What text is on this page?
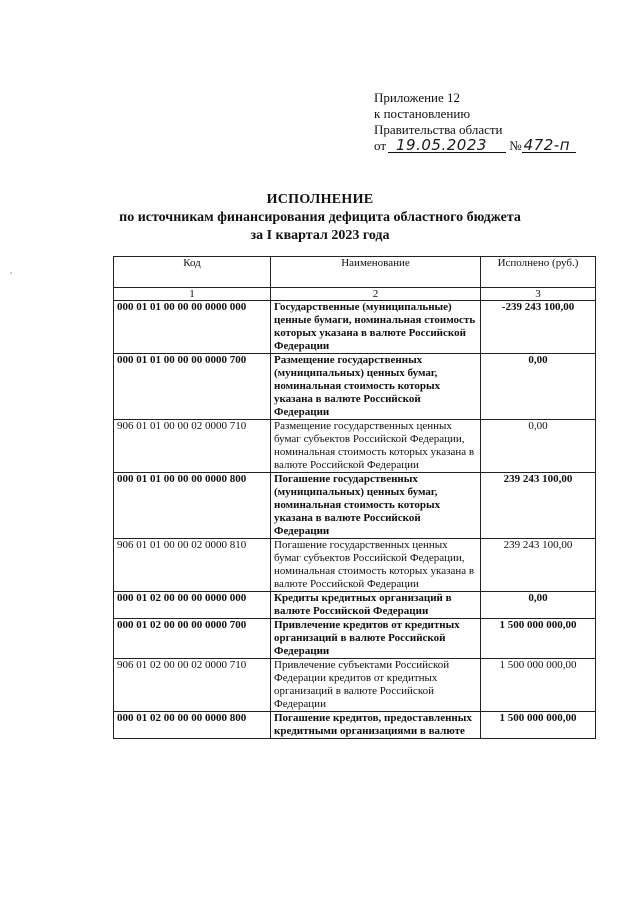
Приложение 12
к постановлению
Правительства области
от 19.05.2023 № 472-п
ИСПОЛНЕНИЕ
по источникам финансирования дефицита областного бюджета
за I квартал 2023 года
Код	Наименование	Исполнено (руб.)
1	2	3
000 01 01 00 00 00 0000 000	Государственные (муниципальные) ценные бумаги, номинальная стоимость которых указана в валюте Российской Федерации	-239 243 100,00
000 01 01 00 00 00 0000 700	Размещение государственных (муниципальных) ценных бумаг, номинальная стоимость которых указана в валюте Российской Федерации	0,00
906 01 01 00 00 02 0000 710	Размещение государственных ценных бумаг субъектов Российской Федерации, номинальная стоимость которых указана в валюте Российской Федерации	0,00
000 01 01 00 00 00 0000 800	Погашение государственных (муниципальных) ценных бумаг, номинальная стоимость которых указана в валюте Российской Федерации	239 243 100,00
906 01 01 00 00 02 0000 810	Погашение государственных ценных бумаг субъектов Российской Федерации, номинальная стоимость которых указана в валюте Российской Федерации	239 243 100,00
000 01 02 00 00 00 0000 000	Кредиты кредитных организаций в валюте Российской Федерации	0,00
000 01 02 00 00 00 0000 700	Привлечение кредитов от кредитных организаций в валюте Российской Федерации	1 500 000 000,00
906 01 02 00 00 02 0000 710	Привлечение субъектами Российской Федерации кредитов от кредитных организаций в валюте Российской Федерации	1 500 000 000,00
000 01 02 00 00 00 0000 800	Погашение кредитов, предоставленных кредитными организациями в валюте	1 500 000 000,00
